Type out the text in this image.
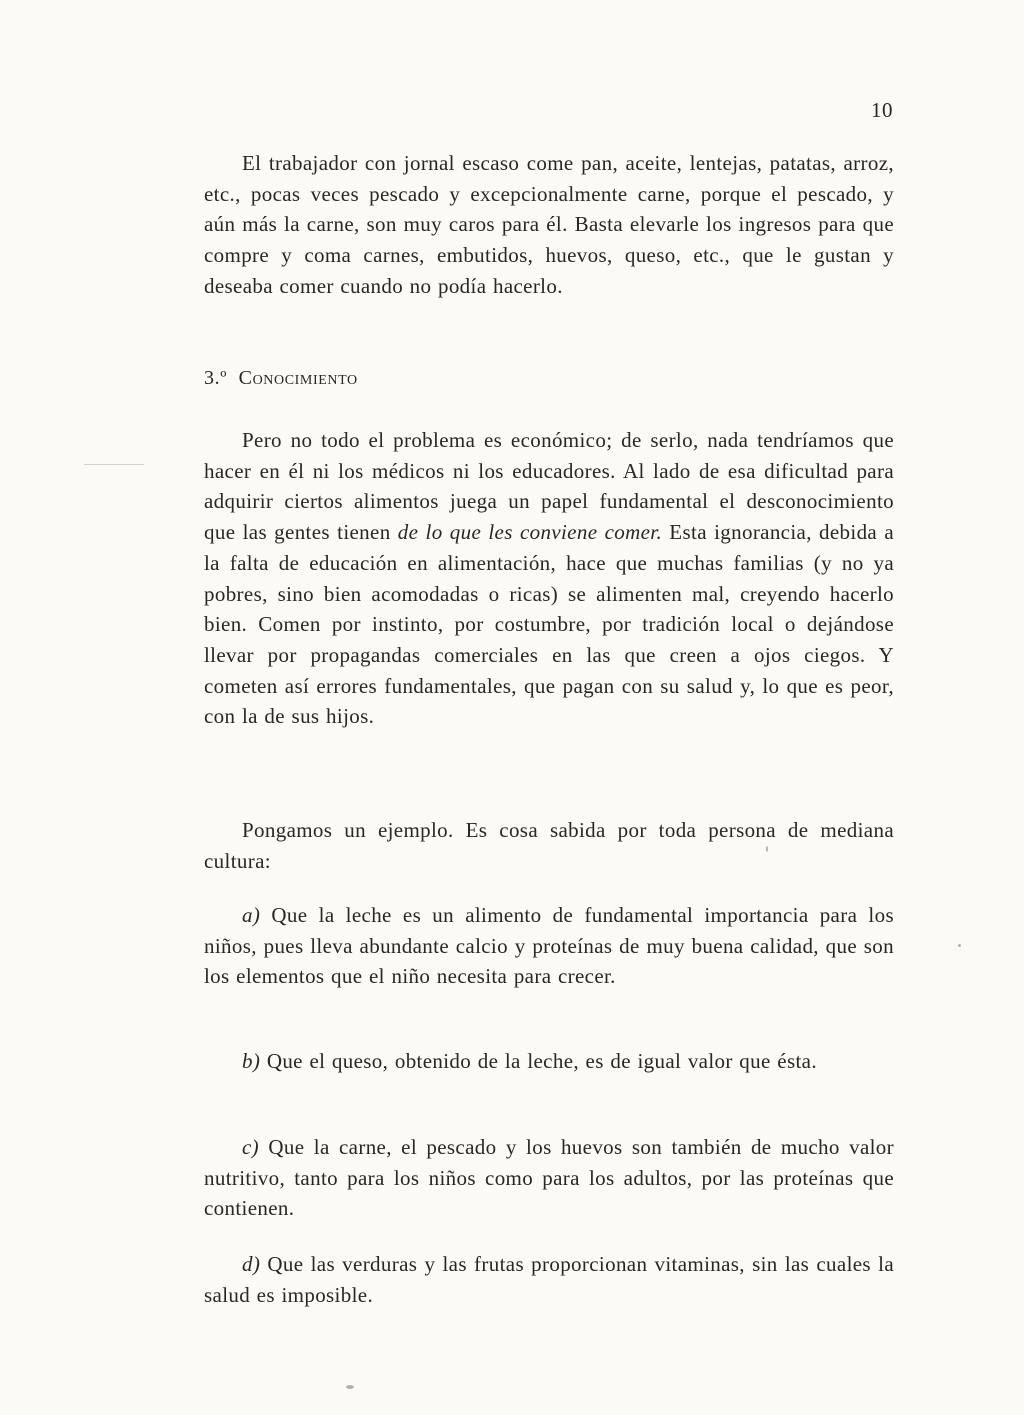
10

El trabajador con jornal escaso come pan, aceite, lentejas, patatas, arroz, etc., pocas veces pescado y excepcionalmente carne, porque el pescado, y aún más la carne, son muy caros para él. Basta elevarle los ingresos para que compre y coma carnes, embutidos, huevos, queso, etc., que le gustan y deseaba comer cuando no podía hacerlo.

3.º Conocimiento

Pero no todo el problema es económico; de serlo, nada tendríamos que hacer en él ni los médicos ni los educadores. Al lado de esa dificultad para adquirir ciertos alimentos juega un papel fundamental el desconocimiento que las gentes tienen de lo que les conviene comer. Esta ignorancia, debida a la falta de educación en alimentación, hace que muchas familias (y no ya pobres, sino bien acomodadas o ricas) se alimenten mal, creyendo hacerlo bien. Comen por instinto, por costumbre, por tradición local o dejándose llevar por propagandas comerciales en las que creen a ojos ciegos. Y cometen así errores fundamentales, que pagan con su salud y, lo que es peor, con la de sus hijos.

Pongamos un ejemplo. Es cosa sabida por toda persona de mediana cultura:

a) Que la leche es un alimento de fundamental importancia para los niños, pues lleva abundante calcio y proteínas de muy buena calidad, que son los elementos que el niño necesita para crecer.

b) Que el queso, obtenido de la leche, es de igual valor que ésta.

c) Que la carne, el pescado y los huevos son también de mucho valor nutritivo, tanto para los niños como para los adultos, por las proteínas que contienen.

d) Que las verduras y las frutas proporcionan vitaminas, sin las cuales la salud es imposible.
